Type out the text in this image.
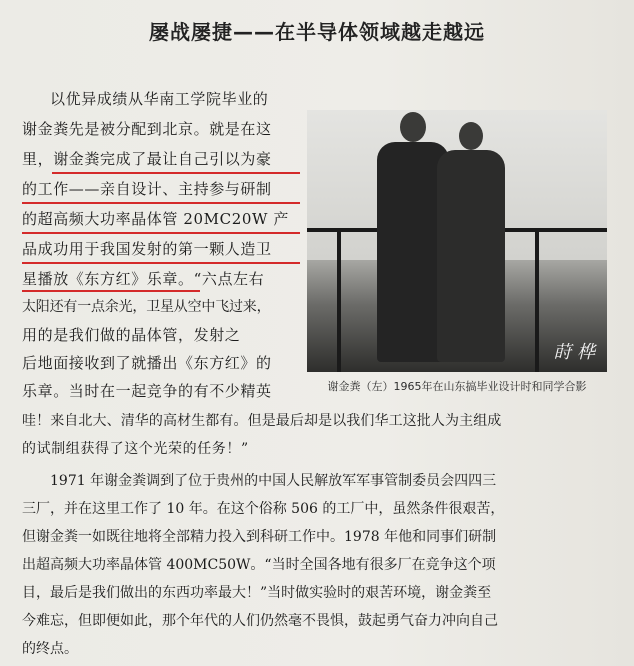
屡战屡捷——在半导体领域越走越远
以优异成绩从华南工学院毕业的
谢金粪先是被分配到北京。就是在这
里，谢金粪完成了最让自己引以为豪
的工作——亲自设计、主持参与研制
的超高频大功率晶体管 20MC20W 产
品成功用于我国发射的第一颗人造卫
星播放《东方红》乐章。“六点左右
太阳还有一点余光，卫星从空中飞过来，
用的是我们做的晶体管，发射之
后地面接收到了就播出《东方红》的
乐章。当时在一起竞争的有不少精英
哇！来自北大、清华的高材生都有。但是最后却是以我们华工这批人为主组成
的试制组获得了这个光荣的任务！”
1971 年谢金粪调到了位于贵州的中国人民解放军军事管制委员会四四三
三厂，并在这里工作了 10 年。在这个俗称 506 的工厂中，虽然条件很艰苦，
但谢金粪一如既往地将全部精力投入到科研工作中。1978 年他和同事们研制
出超高频大功率晶体管 400MC50W。“当时全国各地有很多厂在竞争这个项
目，最后是我们做出的东西功率最大！”当时做实验时的艰苦环境，谢金粪至
今难忘，但即便如此，那个年代的人们仍然毫不畏惧，鼓起勇气奋力冲向自己
的终点。
莳 桦
谢金粪（左）1965年在山东搞毕业设计时和同学合影
